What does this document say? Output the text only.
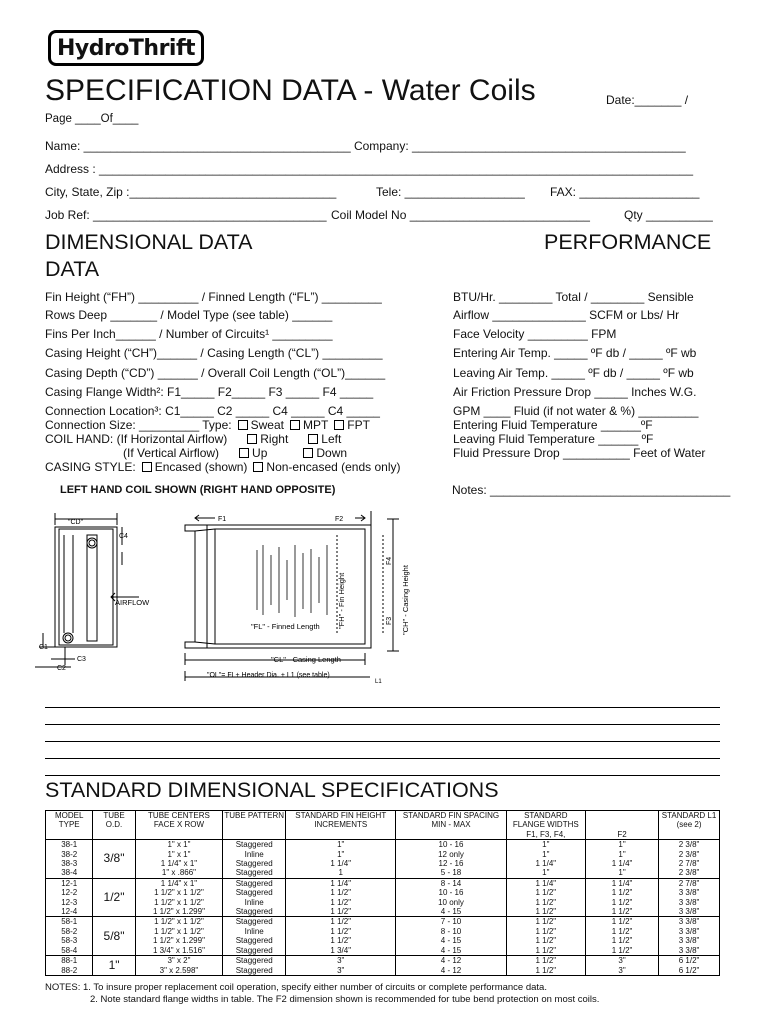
HydroThrift
SPECIFICATION DATA - Water Coils	Date:_______ /
Page ____Of____
Name: ________________________________________ Company: _________________________________________
Address : _________________________________________________________________________________________
City, State, Zip :_______________________________	Tele: __________________ FAX: __________________
Job Ref: ___________________________________ Coil Model No ___________________________	Qty __________
DIMENSIONAL DATA
DATA
PERFORMANCE
Fin Height (“FH”) _________ / Finned Length (“FL”) _________
Rows Deep _______ / Model Type (see table) ______
Fins Per Inch______ / Number of Circuits¹ _________
Casing Height (“CH”)______ / Casing Length (“CL”) _________
Casing Depth (“CD”) ______ / Overall Coil Length (“OL”)______
Casing Flange Width²: F1_____ F2_____ F3 _____ F4 _____
Connection Location³: C1_____ C2 _____ C4 _____ C4 _____
Connection Size: _________ Type: Sweat MPT FPT
COIL HAND: (If Horizontal Airflow)	Right	Left
(If Vertical Airflow)	Up	Down
CASING STYLE: Encased (shown) Non-encased (ends only)
BTU/Hr. ________ Total / ________ Sensible
Airflow ______________ SCFM or Lbs/ Hr
Face Velocity _________ FPM
Entering Air Temp. _____ ºF db / _____ ºF wb
Leaving Air Temp. _____ ºF db / _____ ºF wb
Air Friction Pressure Drop _____ Inches W.G.
GPM ____ Fluid (if not water & %) _________
Entering Fluid Temperature ______ºF
Leaving Fluid Temperature ______ ºF
Fluid Pressure Drop __________ Feet of Water
Notes: ____________________________________
LEFT HAND COIL SHOWN (RIGHT HAND OPPOSITE)
"CD"
C4
AIRFLOW
C1
C3
C2
F1	F2
"FL" - Finned Length
"CL" - Casing Length
"OL"= FL+ Header Dia. + L1 (see table)
L1
"FH" - Fin Height
F4
F3 "CH" - Casing Height
STANDARD DIMENSIONAL SPECIFICATIONS
MODEL TYPE	TUBE O.D.	TUBE CENTERS FACE X ROW	TUBE PATTERN	STANDARD FIN HEIGHT INCREMENTS	STANDARD FIN SPACING MIN - MAX	STANDARD FLANGE WIDTHS F1, F3, F4,	F2	STANDARD L1 (see 2)
38-1	3/8"	1" x 1"	Staggered	1"	10 - 16	1"	1"	2 3/8"
38-2		1" x 1"	Inline	1"	12 only	1"	1"	2 3/8"
38-3		1 1/4" x 1"	Staggered	1 1/4"	12 - 16	1 1/4"	1 1/4"	2 7/8"
38-4		1" x .866"	Staggered	1	5 - 18	1"	1"	2 3/8"
12-1	1/2"	1 1/4" x 1"	Staggered	1 1/4"	8 - 14	1 1/4"	1 1/4"	2 7/8"
12-2		1 1/2" x 1 1/2"	Staggered	1 1/2"	10 - 16	1 1/2"	1 1/2"	3 3/8"
12-3		1 1/2" x 1 1/2"	Inline	1 1/2"	10 only	1 1/2"	1 1/2"	3 3/8"
12-4		1 1/2" x 1.299"	Staggered	1 1/2"	4 - 15	1 1/2"	1 1/2"	3 3/8"
58-1	5/8"	1 1/2" x 1 1/2"	Staggered	1 1/2"	7 - 10	1 1/2"	1 1/2"	3 3/8"
58-2		1 1/2" x 1 1/2"	Inline	1 1/2"	8 - 10	1 1/2"	1 1/2"	3 3/8"
58-3		1 1/2" x 1.299"	Staggered	1 1/2"	4 - 15	1 1/2"	1 1/2"	3 3/8"
58-4		1 3/4" x 1.516"	Staggered	1 3/4"	4 - 15	1 1/2"	1 1/2"	3 3/8"
88-1	1"	3" x 2"	Staggered	3"	4 - 12	1 1/2"	3"	6 1/2"
88-2		3" x 2.598"	Staggered	3"	4 - 12	1 1/2"	3"	6 1/2"
NOTES: 1. To insure proper replacement coil operation, specify either number of circuits or complete performance data.
2. Note standard flange widths in table. The F2 dimension shown is recommended for tube bend protection on most coils.
